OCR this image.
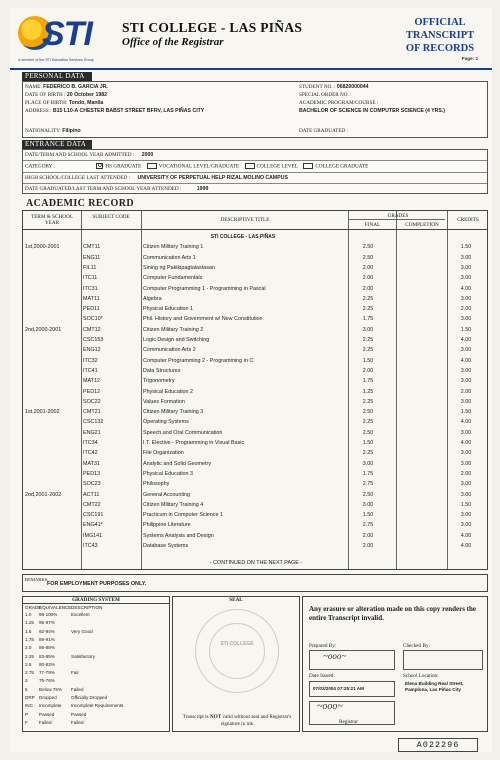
STI
A member of the STI Education Services Group
STI COLLEGE - LAS PIÑAS
Office of the Registrar
OFFICIAL
TRANSCRIPT
OF RECORDS
Page: 1
PERSONAL DATA
NAME: FEDERICO B. GARCIA JR.
DATE OF BIRTH : 20 October 1982
PLACE OF BIRTH: Tondo, Manila
ADDRESS : B15 L10-A CHESTER BABST STREET BFRV, LAS PIÑAS CITY
NATIONALITY: Filipino
STUDENT NO. : 06820000044
SPECIAL ORDER NO. :
ACADEMIC PROGRAM/COURSE :
BACHELOR OF SCIENCE IN COMPUTER SCIENCE (4 YRS.)
DATE GRADUATED :
ENTRANCE DATA
DATE/TERM AND SCHOOL YEAR ADMITTED : 2000
CATEGORY :	O HS GRADUATE	VOCATIONAL LEVEL/GRADUATE	COLLEGE LEVEL	COLLEGE GRADUATE
HIGH SCHOOL/COLLEGE LAST ATTENDED : UNIVERSITY OF PERPETUAL HELP RIZAL MOLINO CAMPUS
DATE GRADUATED/LAST TERM AND SCHOOL YEAR ATTENDED :	1999
ACADEMIC RECORD
TERM & SCHOOL YEAR
SUBJECT CODE	DESCRIPTIVE TITLE
GRADES
FINAL	COMPLETION
CREDITS
STI COLLEGE - LAS PIÑAS
1st,2000-2001	CMT11	Citizen Military Training 1	2.50	1.50
ENG11	Communication Arts 1	2.50	3.00
FIL11	Sining ng Pakikipagtalastasan	2.00	3.00
ITC11	Computer Fundamentals	2.00	3.00
ITC31	Computer Programming 1 - Programming in Pascal	2.00	4.00
MAT11	Algebra	2.25	3.00
PED11	Physical Education 1	2.25	2.00
SOC10*	Phil. History and Government w/ New Constitution	1.75	3.00
2nd,2000-2001	CMT12	Citizen Military Training 2	3.00	1.50
CSC153	Logic Design and Switching	2.25	4.00
ENG12	Communication Arts 2	2.25	3.00
ITC32	Computer Programming 2 - Programming in C	1.50	4.00
ITC41	Data Structures	2.00	3.00
MAT12	Trigonometry	1.75	3.00
PED12	Physical Education 2	1.25	2.00
SOC22	Values Formation	2.25	3.00
1st,2001-2002	CMT21	Citizen Military Training 3	2.50	1.50
CSC132	Operating Systems	2.25	4.00
ENG21	Speech and Oral Communication	2.50	3.00
ITC34	I.T. Elective - Programming in Visual Basic	1.50	4.00
ITC42	File Organization	2.25	3.00
MAT31	Analytic and Solid Geometry	3.00	3.00
PED13	Physical Education 3	1.75	2.00
SOC23	Philosophy	2.75	3.00
2nd,2001-2002	ACT11	General Accounting	2.50	3.00
CMT22	Citizen Military Training 4	3.00	1.50
CSC191	Practicum in Computer Science 1	1.50	3.00
ENG41*	Philippine Literature	2.75	3.00
IMG141	Systems Analysis and Design	2.00	4.00
ITC43	Database Systems	2.00	4.00
- CONTINUED ON THE NEXT PAGE -
REMARKS:
FOR EMPLOYMENT PURPOSES ONLY.
GRADING SYSTEM
GRADE
EQUIVALENCE DESCRIPTION
1.0 98-100%	Excellent
1.25 95-97%
1.5 92-94%	Very Good
1.75 89-91%
2.0 86-88%
2.25 83-85%	Satisfactory
2.5 80-82%
2.75 77-79%	Fair
3 75-76%
5 Below 75% Failed
DRP Dropped	Officially Dropped
INC Incomplete Incomplete Requirements
P Passed	Passed
F Failed	Failed
SEAL
STI COLLEGE
Transcript is NOT valid without seal and Registrar's signature in ink
Any erasure or alteration made on this copy renders the entire Transcript invalid.
Prepared By:	Checked By:
~ooo~
Date Issued:	School Location:
07/02/2004 07:25:21 AM
Elena Building Real Street, Pamplona, Las Piñas City
~ooo~
Registrar
A022296
